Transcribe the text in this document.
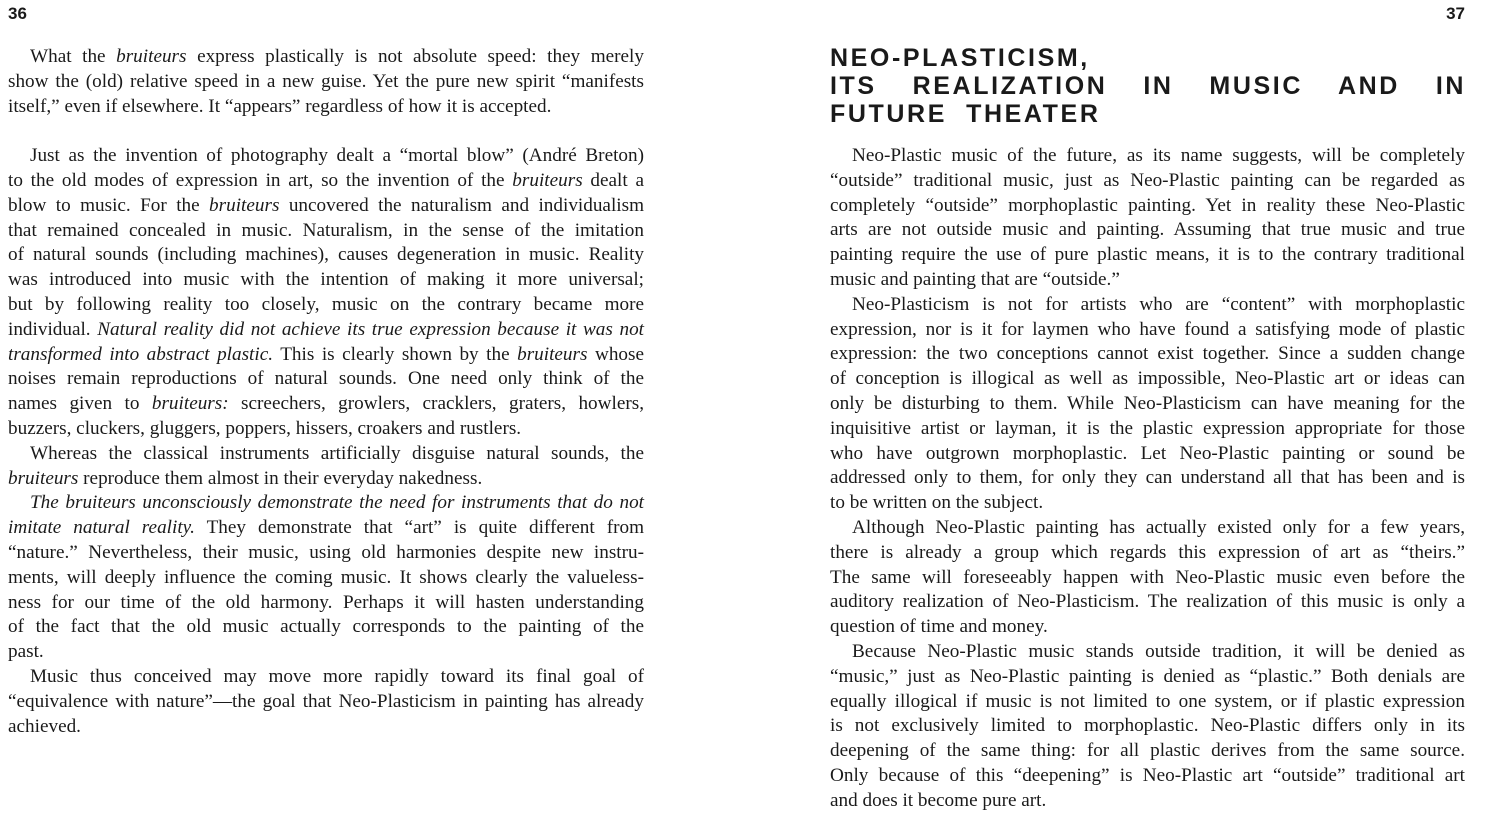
36
What the bruiteurs express plastically is not absolute speed: they merely
show the (old) relative speed in a new guise. Yet the pure new spirit “manifests
itself,” even if elsewhere. It “appears” regardless of how it is accepted.
Just as the invention of photography dealt a “mortal blow” (André Breton)
to the old modes of expression in art, so the invention of the bruiteurs dealt a
blow to music. For the bruiteurs uncovered the naturalism and individualism
that remained concealed in music. Naturalism, in the sense of the imitation
of natural sounds (including machines), causes degeneration in music. Reality
was introduced into music with the intention of making it more universal;
but by following reality too closely, music on the contrary became more
individual. Natural reality did not achieve its true expression because it was not
transformed into abstract plastic. This is clearly shown by the bruiteurs whose
noises remain reproductions of natural sounds. One need only think of the
names given to bruiteurs: screechers, growlers, cracklers, graters, howlers,
buzzers, cluckers, gluggers, poppers, hissers, croakers and rustlers.
Whereas the classical instruments artificially disguise natural sounds, the
bruiteurs reproduce them almost in their everyday nakedness.
The bruiteurs unconsciously demonstrate the need for instruments that do not
imitate natural reality. They demonstrate that “art” is quite different from
“nature.” Nevertheless, their music, using old harmonies despite new instru-
ments, will deeply influence the coming music. It shows clearly the valueless-
ness for our time of the old harmony. Perhaps it will hasten understanding
of the fact that the old music actually corresponds to the painting of the
past.
Music thus conceived may move more rapidly toward its final goal of
“equivalence with nature”—the goal that Neo-Plasticism in painting has already
achieved.
37
NEO-PLASTICISM,
ITS REALIZATION IN MUSIC AND IN
FUTURE  THEATER
Neo-Plastic music of the future, as its name suggests, will be completely
“outside” traditional music, just as Neo-Plastic painting can be regarded as
completely “outside” morphoplastic painting. Yet in reality these Neo-Plastic
arts are not outside music and painting. Assuming that true music and true
painting require the use of pure plastic means, it is to the contrary traditional
music and painting that are “outside.”
Neo-Plasticism is not for artists who are “content” with morphoplastic
expression, nor is it for laymen who have found a satisfying mode of plastic
expression: the two conceptions cannot exist together. Since a sudden change
of conception is illogical as well as impossible, Neo-Plastic art or ideas can
only be disturbing to them. While Neo-Plasticism can have meaning for the
inquisitive artist or layman, it is the plastic expression appropriate for those
who have outgrown morphoplastic. Let Neo-Plastic painting or sound be
addressed only to them, for only they can understand all that has been and is
to be written on the subject.
Although Neo-Plastic painting has actually existed only for a few years,
there is already a group which regards this expression of art as “theirs.”
The same will foreseeably happen with Neo-Plastic music even before the
auditory realization of Neo-Plasticism. The realization of this music is only a
question of time and money.
Because Neo-Plastic music stands outside tradition, it will be denied as
“music,” just as Neo-Plastic painting is denied as “plastic.” Both denials are
equally illogical if music is not limited to one system, or if plastic expression
is not exclusively limited to morphoplastic. Neo-Plastic differs only in its
deepening of the same thing: for all plastic derives from the same source.
Only because of this “deepening” is Neo-Plastic art “outside” traditional art
and does it become pure art.
